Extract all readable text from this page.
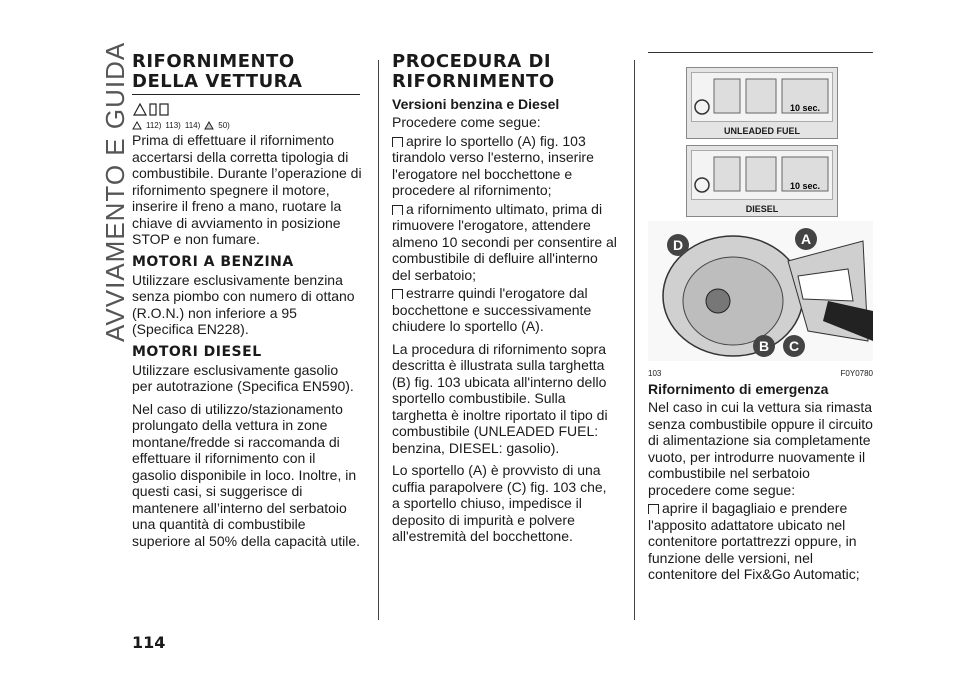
AVVIAMENTO E GUIDA RIFORNIMENTO
DELLA VETTURA
112) 113) 114) 50)

Prima di effettuare il rifornimento accertarsi della corretta tipologia di combustibile. Durante l’operazione di rifornimento spegnere il motore, inserire il freno a mano, ruotare la chiave di avviamento in posizione STOP e non fumare.

MOTORI A BENZINA

Utilizzare esclusivamente benzina senza piombo con numero di ottano (R.O.N.) non inferiore a 95 (Specifica EN228).

MOTORI DIESEL

Utilizzare esclusivamente gasolio per autotrazione (Specifica EN590).

Nel caso di utilizzo/stazionamento prolungato della vettura in zone montane/fredde si raccomanda di effettuare il rifornimento con il gasolio disponibile in loco. Inoltre, in questi casi, si suggerisce di mantenere all’interno del serbatoio una quantità di combustibile superiore al 50% della capacità utile.

PROCEDURA DI
RIFORNIMENTO
Versioni benzina e Diesel

Procedere come segue:

aprire lo sportello (A) fig. 103 tirandolo verso l'esterno, inserire l'erogatore nel bocchettone e procedere al rifornimento;
a rifornimento ultimato, prima di rimuovere l'erogatore, attendere almeno 10 secondi per consentire al combustibile di defluire all'interno del serbatoio;
estrarre quindi l'erogatore dal bocchettone e successivamente chiudere lo sportello (A).

La procedura di rifornimento sopra descritta è illustrata sulla targhetta (B) fig. 103 ubicata all'interno dello sportello combustibile. Sulla targhetta è inoltre riportato il tipo di combustibile (UNLEADED FUEL: benzina, DIESEL: gasolio).

Lo sportello (A) è provvisto di una cuffia parapolvere (C) fig. 103 che, a sportello chiuso, impedisce il deposito di impurità e polvere all'estremità del bocchettone.

10 sec.
UNLEADED FUEL
10 sec.
DIESEL
D	A
B C
103	F0Y0780
Rifornimento di emergenza

Nel caso in cui la vettura sia rimasta senza combustibile oppure il circuito di alimentazione sia completamente vuoto, per introdurre nuovamente il combustibile nel serbatoio procedere come segue:

aprire il bagagliaio e prendere l'apposito adattatore ubicato nel contenitore portattrezzi oppure, in funzione delle versioni, nel contenitore del Fix&Go Automatic;
114
